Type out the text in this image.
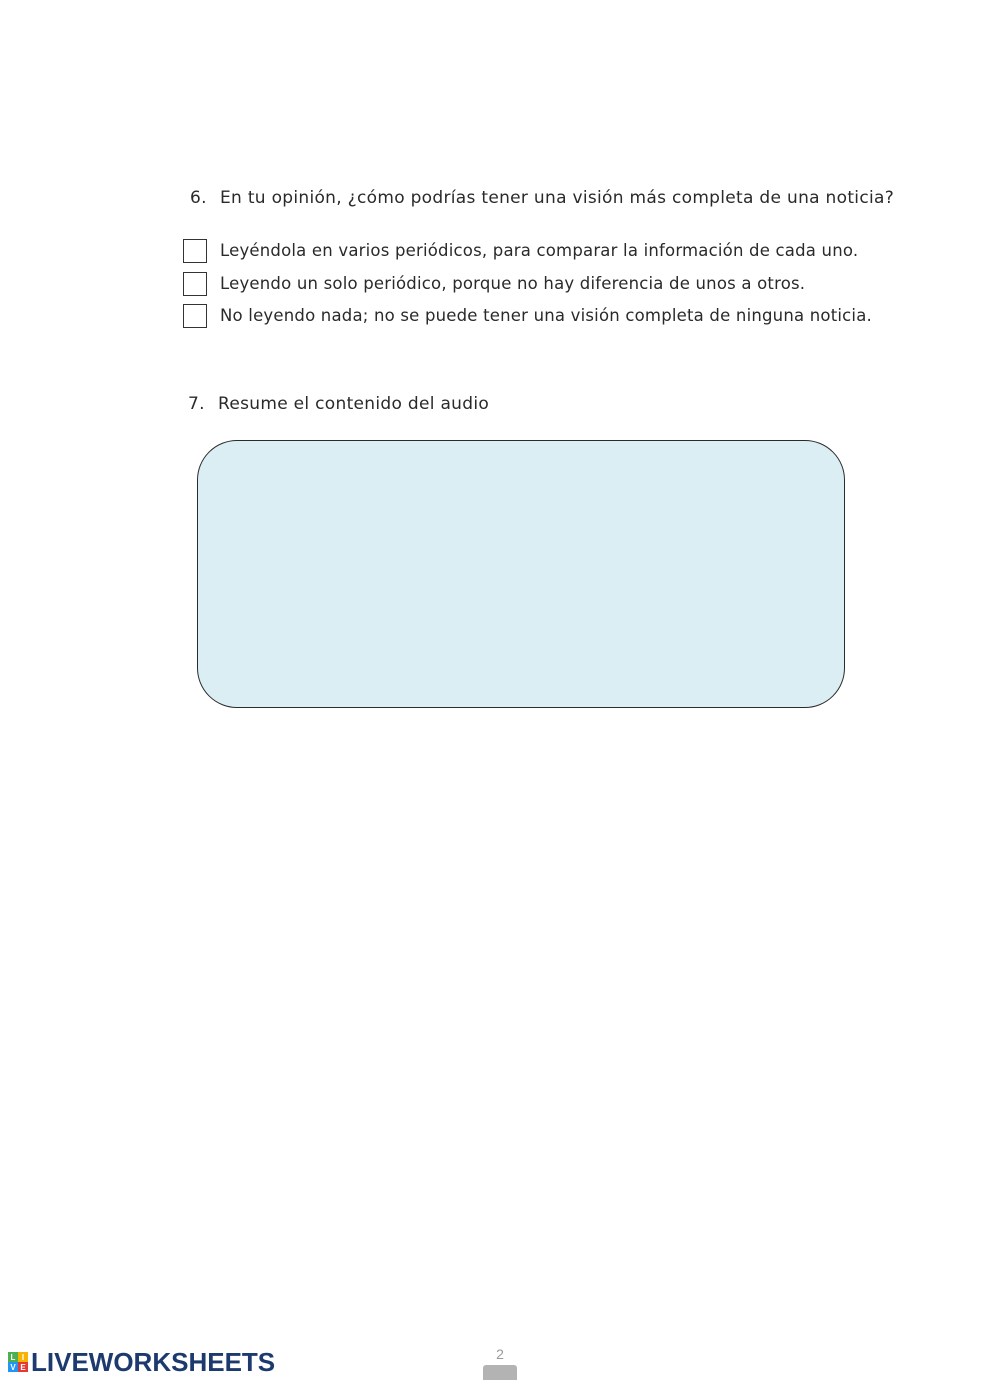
6. En tu opinión, ¿cómo podrías tener una visión más completa de una noticia?
Leyéndola en varios periódicos, para comparar la información de cada uno.
Leyendo un solo periódico, porque no hay diferencia de unos a otros.
No leyendo nada; no se puede tener una visión completa de ninguna noticia.
7. Resume el contenido del audio
L I
V E LIVEWORKSHEETS	2
